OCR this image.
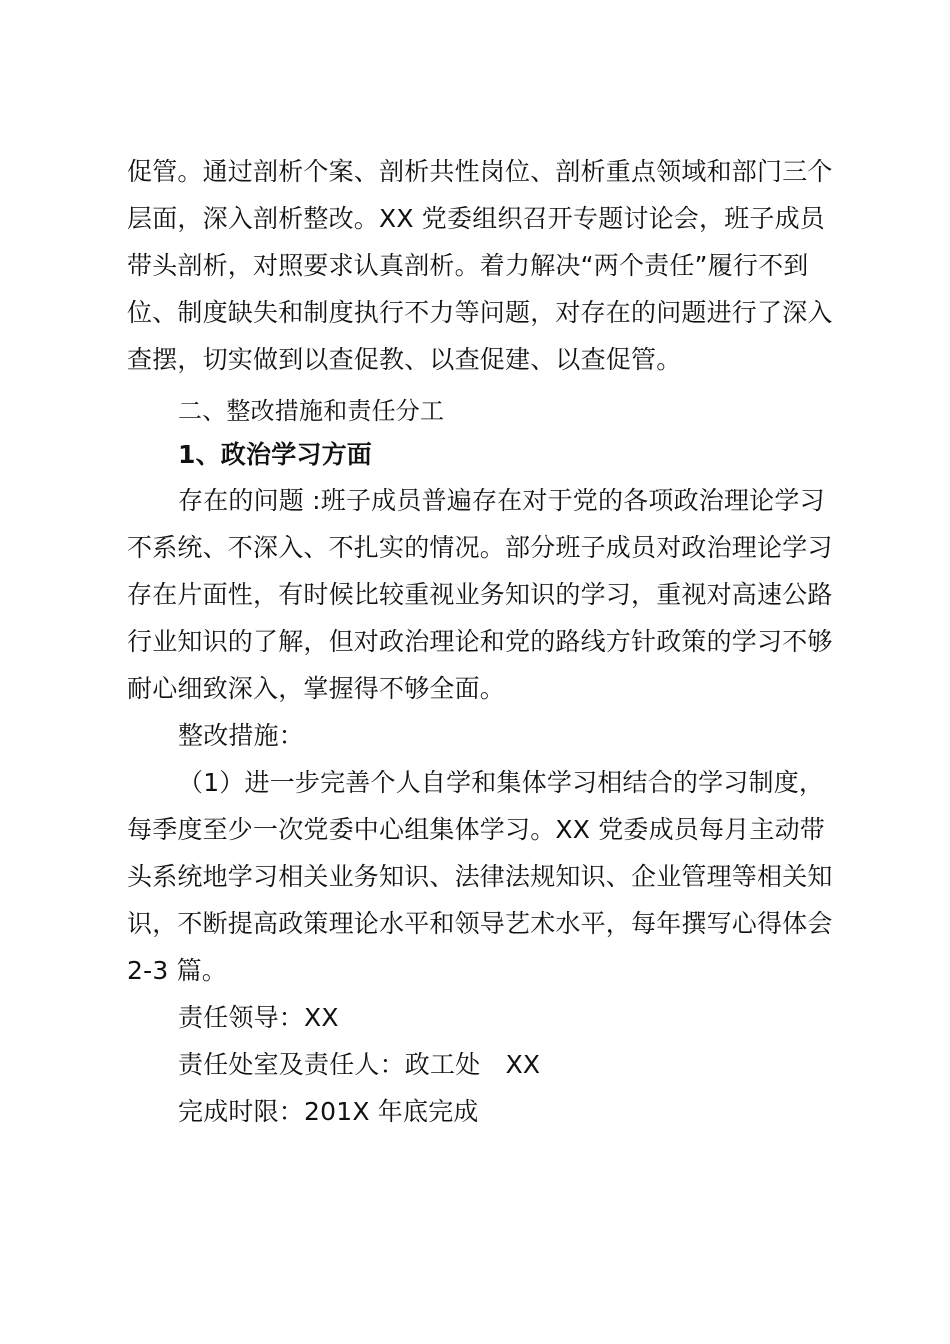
促管。通过剖析个案、剖析共性岗位、剖析重点领域和部门三个
层面，深入剖析整改。XX 党委组织召开专题讨论会，班子成员
带头剖析，对照要求认真剖析。着力解决“两个责任”履行不到
位、制度缺失和制度执行不力等问题，对存在的问题进行了深入
查摆，切实做到以查促教、以查促建、以查促管。
二、整改措施和责任分工
1、政治学习方面
存在的问题 :班子成员普遍存在对于党的各项政治理论学习
不系统、不深入、不扎实的情况。部分班子成员对政治理论学习
存在片面性，有时候比较重视业务知识的学习，重视对高速公路
行业知识的了解，但对政治理论和党的路线方针政策的学习不够
耐心细致深入，掌握得不够全面。
整改措施：
（1）进一步完善个人自学和集体学习相结合的学习制度，
每季度至少一次党委中心组集体学习。XX 党委成员每月主动带
头系统地学习相关业务知识、法律法规知识、企业管理等相关知
识，不断提高政策理论水平和领导艺术水平，每年撰写心得体会
2-3 篇。
责任领导：XX
责任处室及责任人：政工处　XX
完成时限：201X 年底完成
